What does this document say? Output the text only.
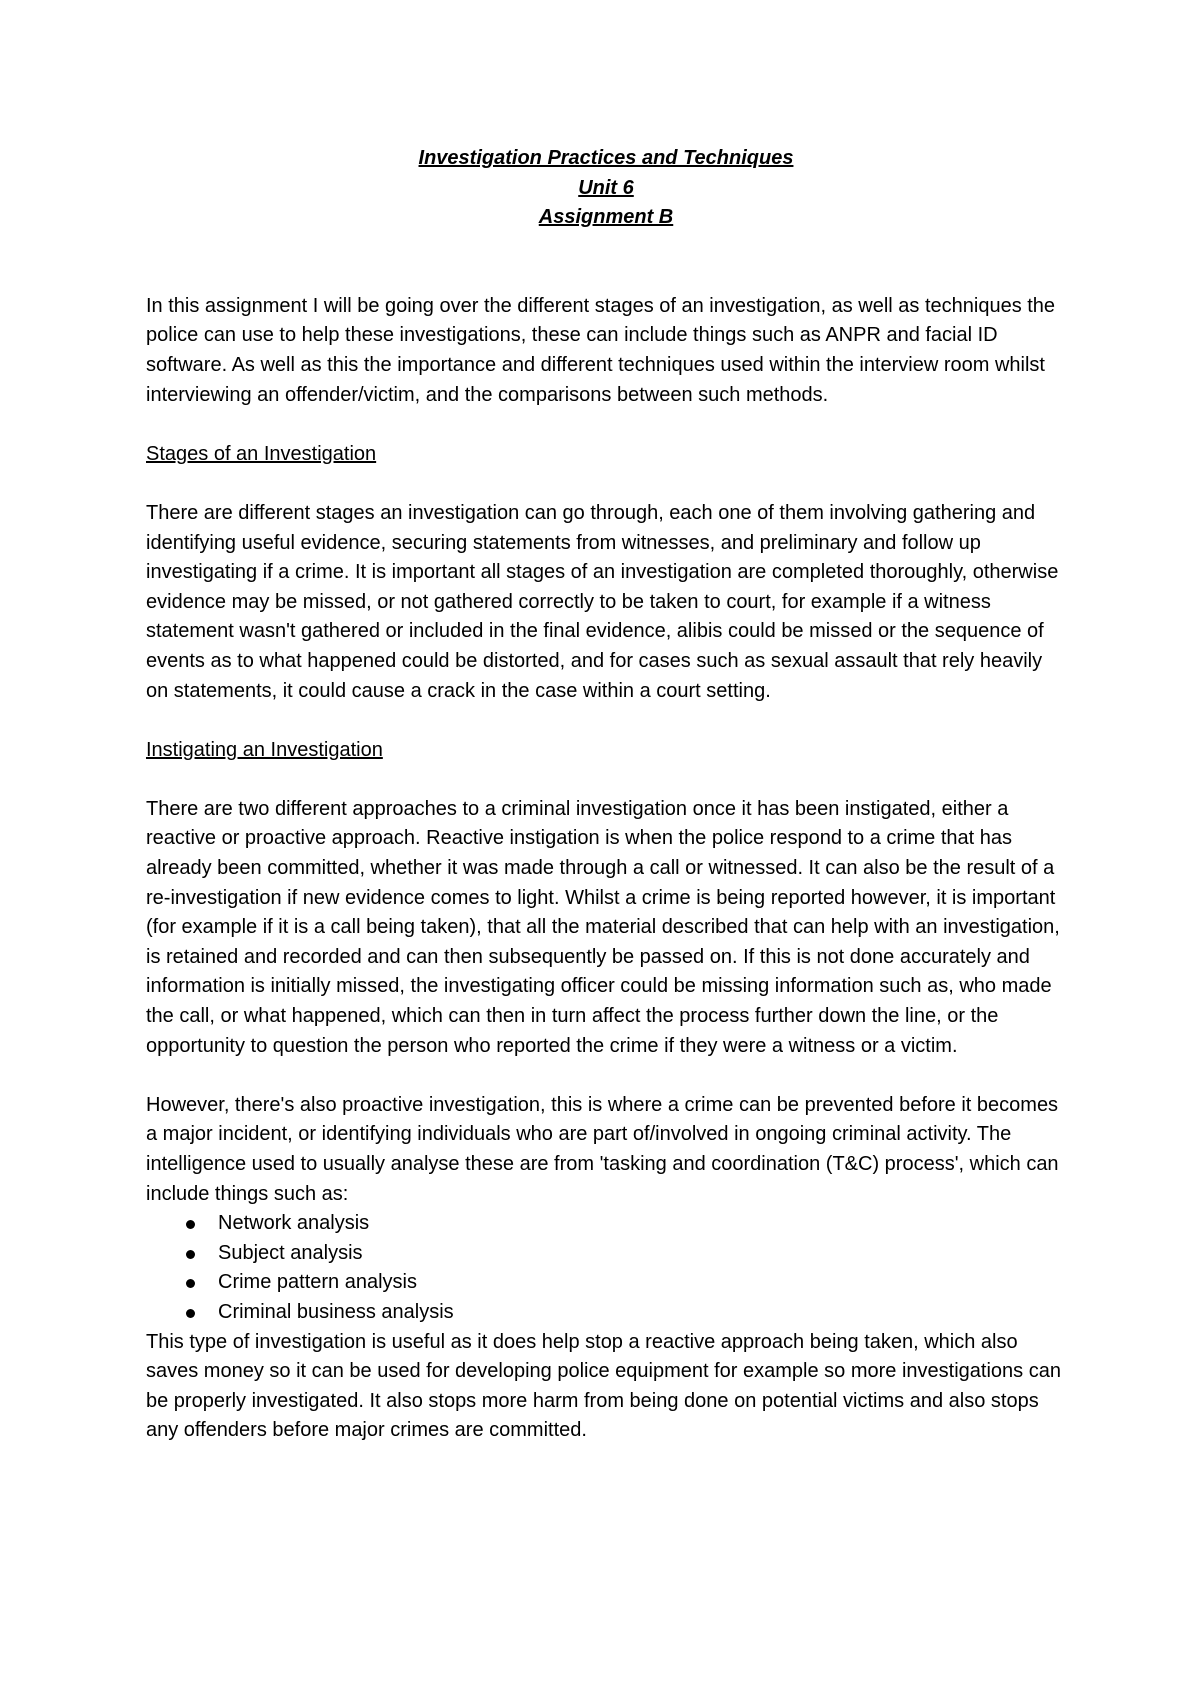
Investigation Practices and Techniques
Unit 6
Assignment B

In this assignment I will be going over the different stages of an investigation, as well as techniques the police can use to help these investigations, these can include things such as ANPR and facial ID software. As well as this the importance and different techniques used within the interview room whilst interviewing an offender/victim, and the comparisons between such methods.

Stages of an Investigation

There are different stages an investigation can go through, each one of them involving gathering and identifying useful evidence, securing statements from witnesses, and preliminary and follow up investigating if a crime. It is important all stages of an investigation are completed thoroughly, otherwise evidence may be missed, or not gathered correctly to be taken to court, for example if a witness statement wasn't gathered or included in the final evidence, alibis could be missed or the sequence of events as to what happened could be distorted, and for cases such as sexual assault that rely heavily on statements, it could cause a crack in the case within a court setting.

Instigating an Investigation

There are two different approaches to a criminal investigation once it has been instigated, either a reactive or proactive approach. Reactive instigation is when the police respond to a crime that has already been committed, whether it was made through a call or witnessed. It can also be the result of a re-investigation if new evidence comes to light. Whilst a crime is being reported however, it is important (for example if it is a call being taken), that all the material described that can help with an investigation, is retained and recorded and can then subsequently be passed on. If this is not done accurately and information is initially missed, the investigating officer could be missing information such as, who made the call, or what happened, which can then in turn affect the process further down the line, or the opportunity to question the person who reported the crime if they were a witness or a victim.

However, there's also proactive investigation, this is where a crime can be prevented before it becomes a major incident, or identifying individuals who are part of/involved in ongoing criminal activity. The intelligence used to usually analyse these are from 'tasking and coordination (T&C) process', which can include things such as:

Network analysis
Subject analysis
Crime pattern analysis
Criminal business analysis

This type of investigation is useful as it does help stop a reactive approach being taken, which also saves money so it can be used for developing police equipment for example so more investigations can be properly investigated. It also stops more harm from being done on potential victims and also stops any offenders before major crimes are committed.
